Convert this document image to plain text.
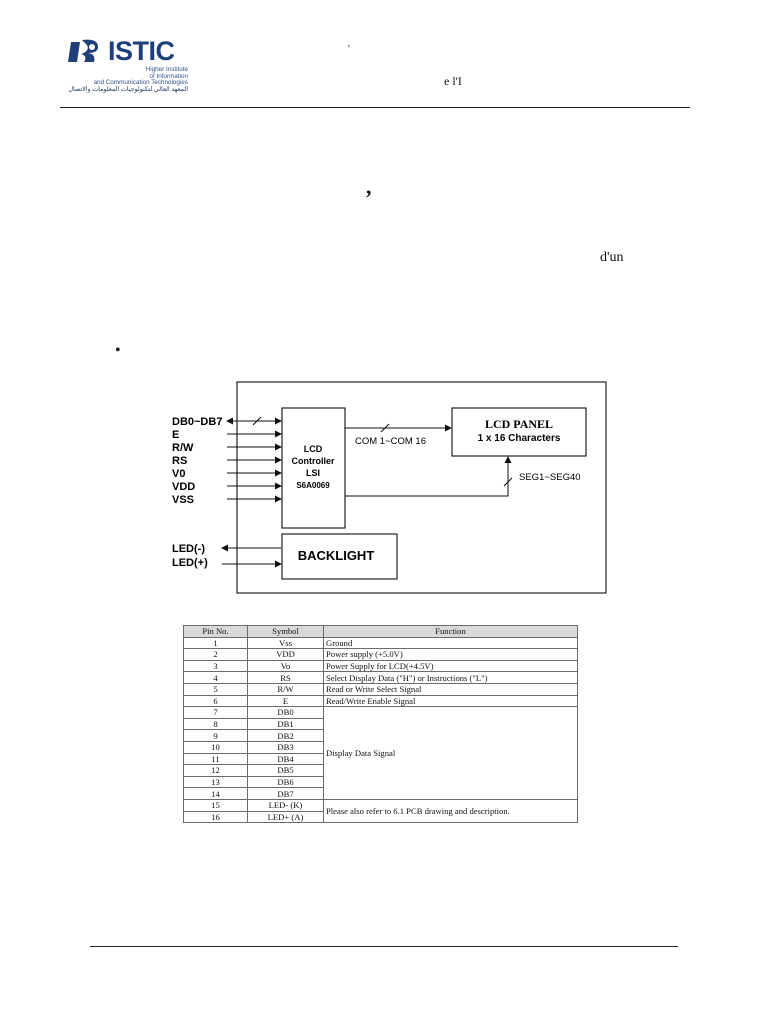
ISTIC
Higher Institute
of Information
and Communication Technologies
المعهد العالي لتكنولوجيات المعلومات والاتصال
'
e l'I
,
d'un
•
DB0~DB7
E
R/W
RS
V0
VDD
VSS
LCD
Controller
LSI
S6A0069
COM 1~COM 16
LCD PANEL
1 x 16 Characters
SEG1~SEG40
LED(-)
LED(+)	BACKLIGHT
Pin No.	Symbol	Function
1	Vss	Ground
2	VDD	Power supply (+5.0V)
3	Vo	Power Supply for LCD(+4.5V)
4	RS	Select Display Data ("H") or Instructions ("L")
5	R/W	Read or Write Select Signal
6	E	Read/Write Enable Signal
7	DB0	Display Data Signal
8	DB1	
9	DB2	
10	DB3	
11	DB4	
12	DB5	
13	DB6	
14	DB7	
15	LED- (K)	Please also refer to 6.1 PCB drawing and description.
16	LED+ (A)	
